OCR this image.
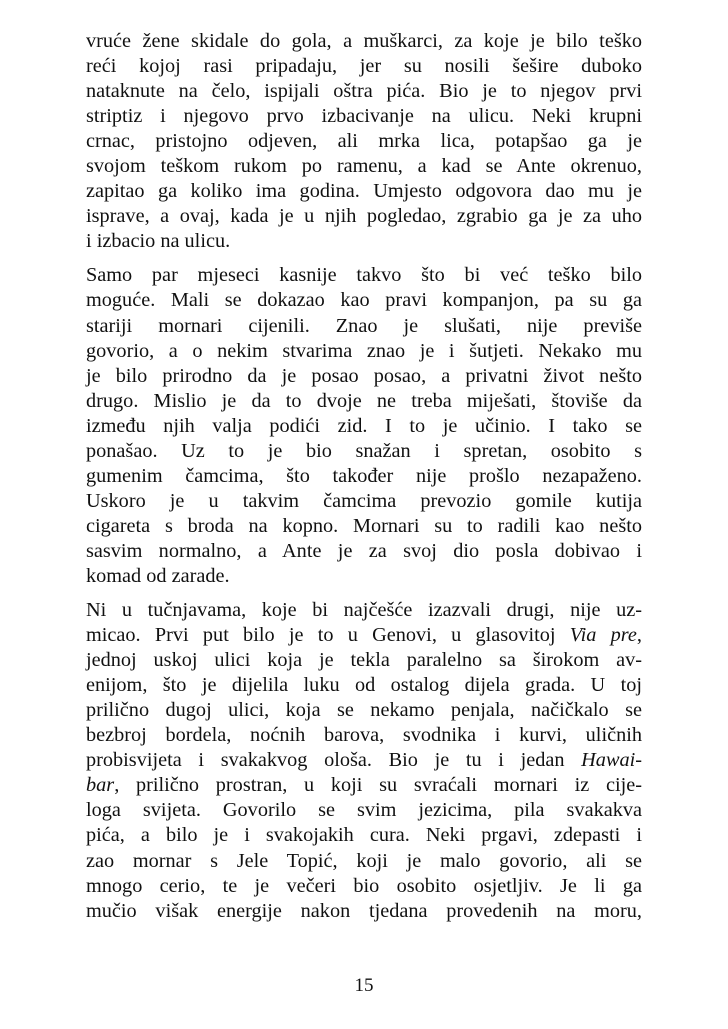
vruće žene skidale do gola, a muškarci, za koje je bilo teško
reći kojoj rasi pripadaju, jer su nosili šešire duboko
nataknute na čelo, ispijali oštra pića. Bio je to njegov prvi
striptiz i njegovo prvo izbacivanje na ulicu. Neki krupni
crnac, pristojno odjeven, ali mrka lica, potapšao ga je
svojom teškom rukom po ramenu, a kad se Ante okrenuo,
zapitao ga koliko ima godina. Umjesto odgovora dao mu je
isprave, a ovaj, kada je u njih pogledao, zgrabio ga je za uho
i izbacio na ulicu.
Samo par mjeseci kasnije takvo što bi već teško bilo
moguće. Mali se dokazao kao pravi kompanjon, pa su ga
stariji mornari cijenili. Znao je slušati, nije previše
govorio, a o nekim stvarima znao je i šutjeti. Nekako mu
je bilo prirodno da je posao posao, a privatni život nešto
drugo. Mislio je da to dvoje ne treba miješati, štoviše da
između njih valja podići zid. I to je učinio. I tako se
ponašao. Uz to je bio snažan i spretan, osobito s
gumenim čamcima, što također nije prošlo nezapaženo.
Uskoro je u takvim čamcima prevozio gomile kutija
cigareta s broda na kopno. Mornari su to radili kao nešto
sasvim normalno, a Ante je za svoj dio posla dobivao i
komad od zarade.
Ni u tučnjavama, koje bi najčešće izazvali drugi, nije uz-
micao. Prvi put bilo je to u Genovi, u glasovitoj Via pre,
jednoj uskoj ulici koja je tekla paralelno sa širokom av-
enijom, što je dijelila luku od ostalog dijela grada. U toj
prilično dugoj ulici, koja se nekamo penjala, načičkalo se
bezbroj bordela, noćnih barova, svodnika i kurvi, uličnih
probisvijeta i svakakvog ološa. Bio je tu i jedan Hawai-
bar, prilično prostran, u koji su svraćali mornari iz cije-
loga svijeta. Govorilo se svim jezicima, pila svakakva
pića, a bilo je i svakojakih cura. Neki prgavi, zdepasti i
zao mornar s Jele Topić, koji je malo govorio, ali se
mnogo cerio, te je večeri bio osobito osjetljiv. Je li ga
mučio višak energije nakon tjedana provedenih na moru,
15
